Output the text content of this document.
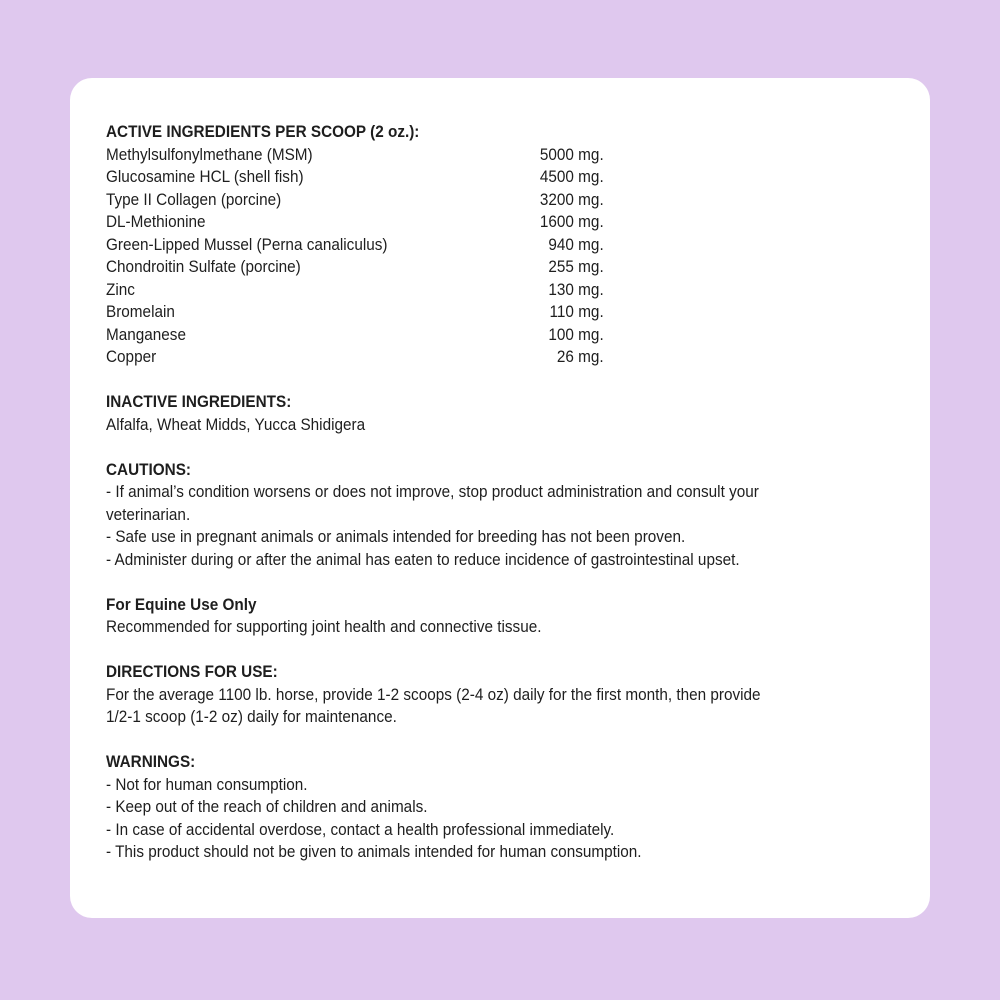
ACTIVE INGREDIENTS PER SCOOP (2 oz.):
Methylsulfonylmethane (MSM)	5000 mg.
Glucosamine HCL (shell fish)	4500 mg.
Type II Collagen (porcine)	3200 mg.
DL-Methionine	1600 mg.
Green-Lipped Mussel (Perna canaliculus)	940 mg.
Chondroitin Sulfate (porcine)	255 mg.
Zinc	130 mg.
Bromelain	110 mg.
Manganese	100 mg.
Copper	26 mg.
INACTIVE INGREDIENTS:
Alfalfa, Wheat Midds, Yucca Shidigera
CAUTIONS:
- If animal’s condition worsens or does not improve, stop product administration and consult your
veterinarian.
- Safe use in pregnant animals or animals intended for breeding has not been proven.
- Administer during or after the animal has eaten to reduce incidence of gastrointestinal upset.
For Equine Use Only
Recommended for supporting joint health and connective tissue.
DIRECTIONS FOR USE:
For the average 1100 lb. horse, provide 1-2 scoops (2-4 oz) daily for the first month, then provide
1/2-1 scoop (1-2 oz) daily for maintenance.
WARNINGS:
- Not for human consumption.
- Keep out of the reach of children and animals.
- In case of accidental overdose, contact a health professional immediately.
- This product should not be given to animals intended for human consumption.
